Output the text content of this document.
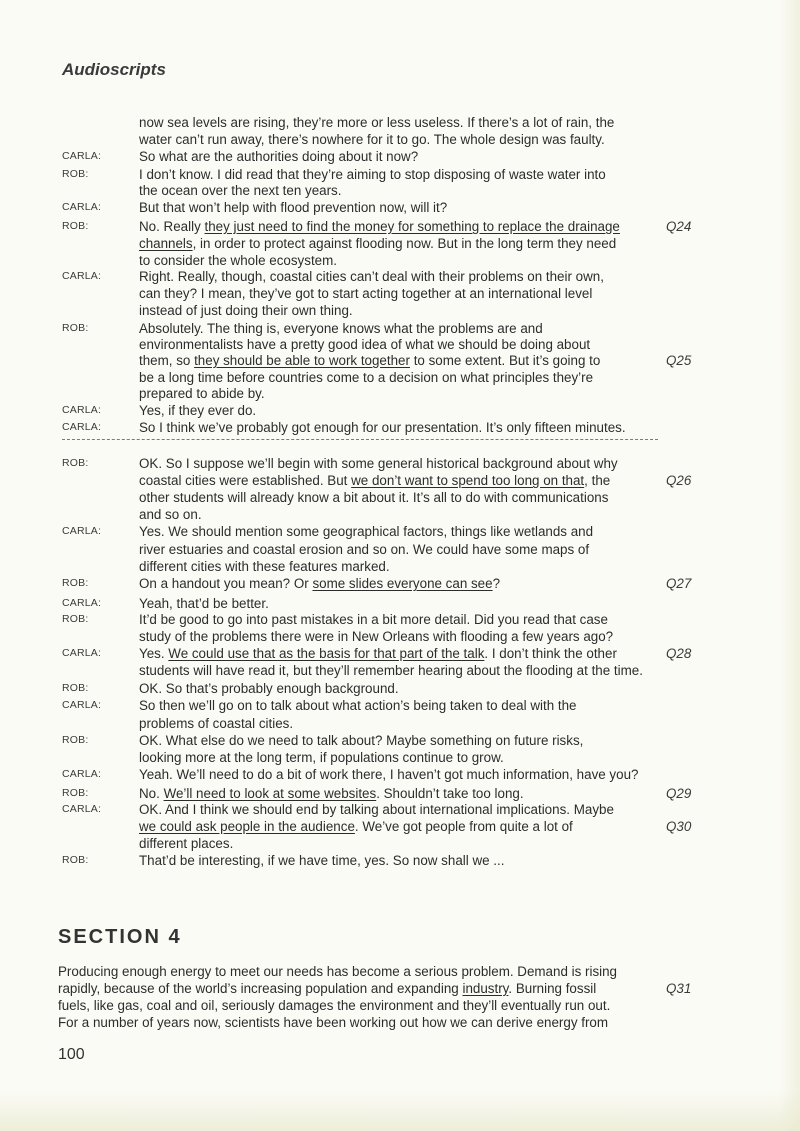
Audioscripts
now sea levels are rising, they’re more or less useless. If there’s a lot of rain, the
water can’t run away, there’s nowhere for it to go. The whole design was faulty.
CARLA:	So what are the authorities doing about it now?
ROB:	I don’t know. I did read that they’re aiming to stop disposing of waste water into
the ocean over the next ten years.
CARLA:	But that won’t help with flood prevention now, will it?
ROB:	No. Really they just need to find the money for something to replace the drainage	Q24
channels, in order to protect against flooding now. But in the long term they need
to consider the whole ecosystem.
CARLA:	Right. Really, though, coastal cities can’t deal with their problems on their own,
can they? I mean, they’ve got to start acting together at an international level
instead of just doing their own thing.
ROB:	Absolutely. The thing is, everyone knows what the problems are and
environmentalists have a pretty good idea of what we should be doing about
them, so they should be able to work together to some extent. But it’s going to	Q25
be a long time before countries come to a decision on what principles they’re
prepared to abide by.
CARLA:	Yes, if they ever do.
CARLA:	So I think we’ve probably got enough for our presentation. It’s only fifteen minutes.
ROB:	OK. So I suppose we’ll begin with some general historical background about why
coastal cities were established. But we don’t want to spend too long on that, the	Q26
other students will already know a bit about it. It’s all to do with communications
and so on.
CARLA:	Yes. We should mention some geographical factors, things like wetlands and
river estuaries and coastal erosion and so on. We could have some maps of
different cities with these features marked.
ROB:	On a handout you mean? Or some slides everyone can see?	Q27
CARLA:	Yeah, that’d be better.
ROB:	It’d be good to go into past mistakes in a bit more detail. Did you read that case
study of the problems there were in New Orleans with flooding a few years ago?
CARLA:	Yes. We could use that as the basis for that part of the talk. I don’t think the other	Q28
students will have read it, but they’ll remember hearing about the flooding at the time.
ROB:	OK. So that’s probably enough background.
CARLA:	So then we’ll go on to talk about what action’s being taken to deal with the
problems of coastal cities.
ROB:	OK. What else do we need to talk about? Maybe something on future risks,
looking more at the long term, if populations continue to grow.
CARLA:	Yeah. We’ll need to do a bit of work there, I haven’t got much information, have you?
ROB:	No. We’ll need to look at some websites. Shouldn’t take too long.	Q29
CARLA:	OK. And I think we should end by talking about international implications. Maybe
we could ask people in the audience. We’ve got people from quite a lot of	Q30
different places.
ROB:	That’d be interesting, if we have time, yes. So now shall we ...
SECTION 4
Producing enough energy to meet our needs has become a serious problem. Demand is rising
rapidly, because of the world’s increasing population and expanding industry. Burning fossil	Q31
fuels, like gas, coal and oil, seriously damages the environment and they’ll eventually run out.
For a number of years now, scientists have been working out how we can derive energy from
100
